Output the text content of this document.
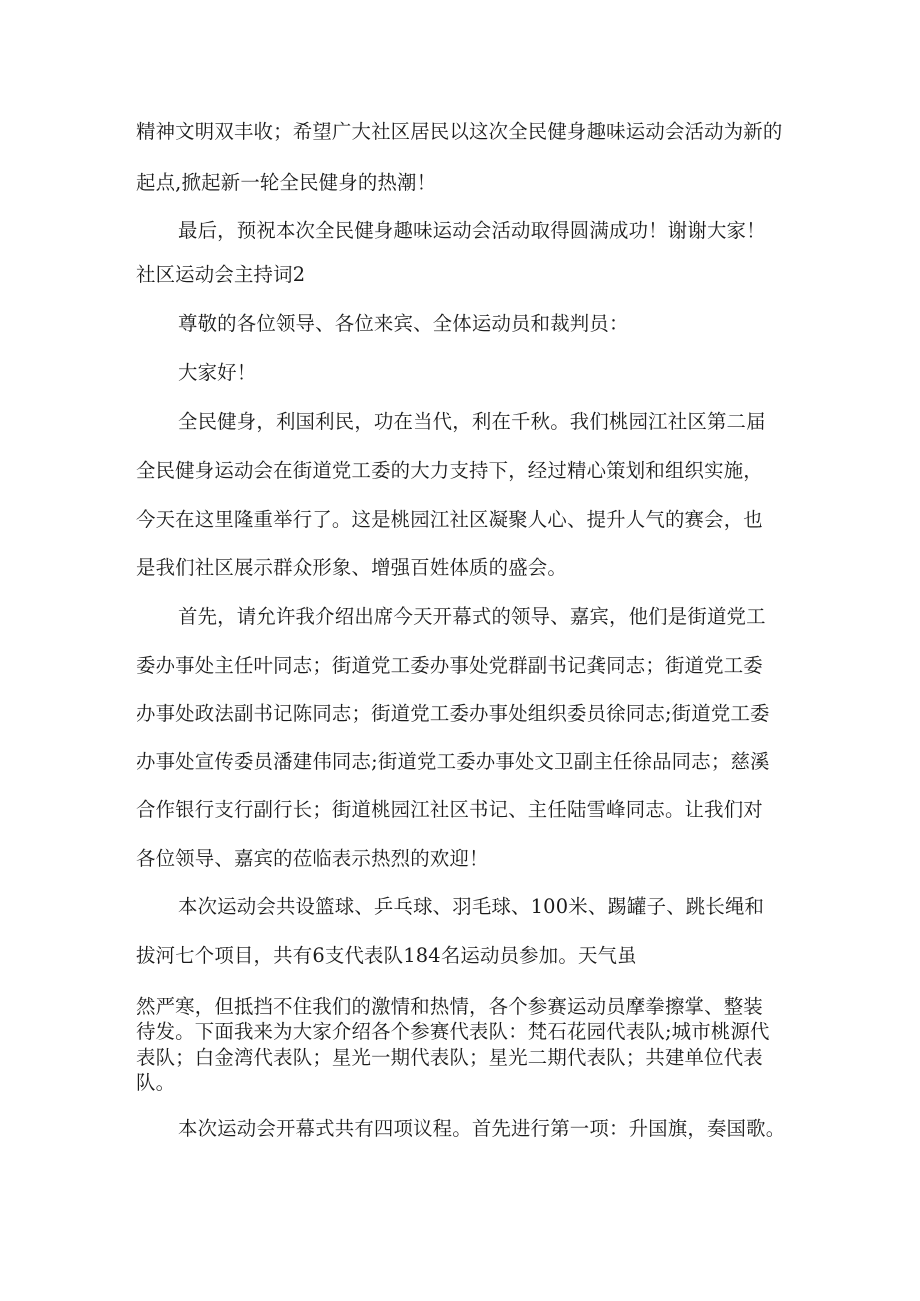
精神文明双丰收；希望广大社区居民以这次全民健身趣味运动会活动为新的
起点,掀起新一轮全民健身的热潮！
最后，预祝本次全民健身趣味运动会活动取得圆满成功！谢谢大家！
社区运动会主持词2
尊敬的各位领导、各位来宾、全体运动员和裁判员：
大家好！
全民健身，利国利民，功在当代，利在千秋。我们桃园江社区第二届
全民健身运动会在街道党工委的大力支持下，经过精心策划和组织实施，
今天在这里隆重举行了。这是桃园江社区凝聚人心、提升人气的赛会，也
是我们社区展示群众形象、增强百姓体质的盛会。
首先，请允许我介绍出席今天开幕式的领导、嘉宾，他们是街道党工
委办事处主任叶同志；街道党工委办事处党群副书记龚同志；街道党工委
办事处政法副书记陈同志；街道党工委办事处组织委员徐同志;街道党工委
办事处宣传委员潘建伟同志;街道党工委办事处文卫副主任徐品同志；慈溪
合作银行支行副行长；街道桃园江社区书记、主任陆雪峰同志。让我们对
各位领导、嘉宾的莅临表示热烈的欢迎！
本次运动会共设篮球、乒乓球、羽毛球、100米、踢罐子、跳长绳和
拔河七个项目，共有6支代表队184名运动员参加。天气虽
然严寒，但抵挡不住我们的激情和热情，各个参赛运动员摩拳擦掌、整装
待发。下面我来为大家介绍各个参赛代表队：梵石花园代表队;城市桃源代
表队；白金湾代表队；星光一期代表队；星光二期代表队；共建单位代表
队。
本次运动会开幕式共有四项议程。首先进行第一项：升国旗，奏国歌。
